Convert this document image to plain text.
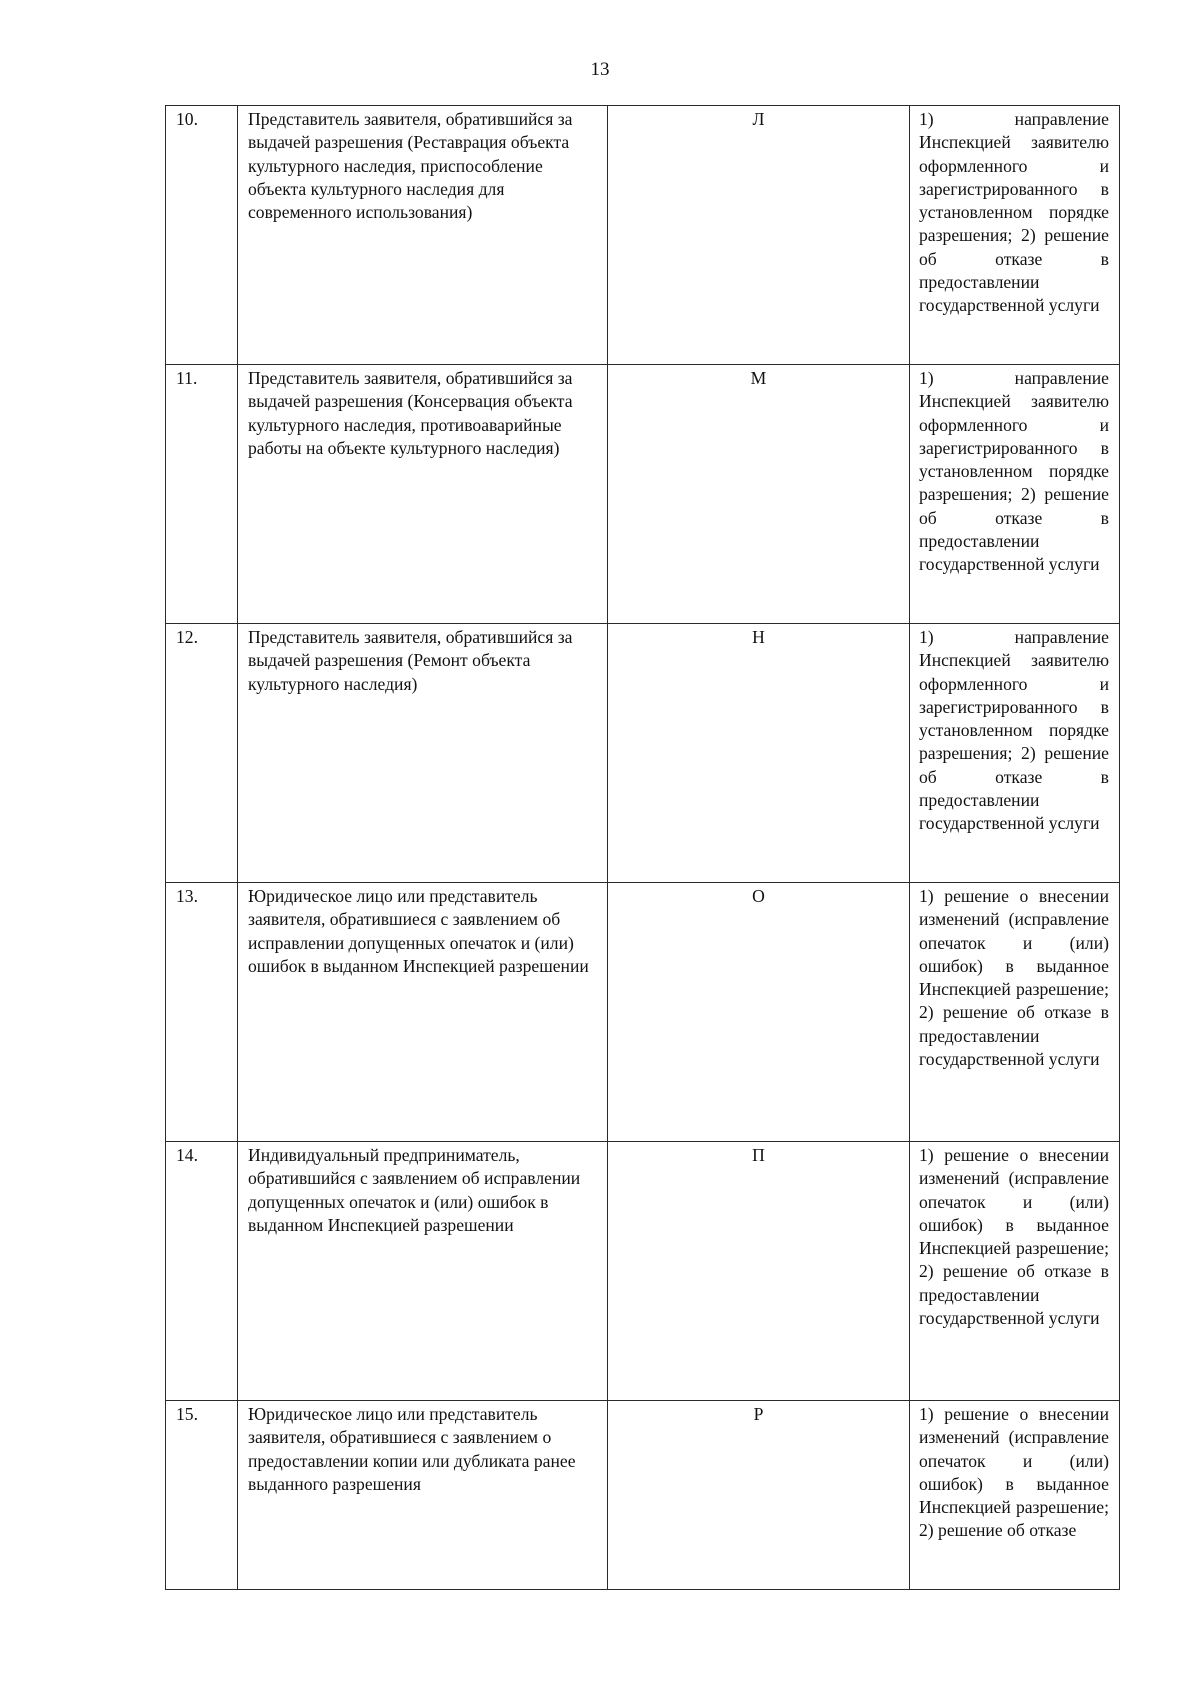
13
10.	Представитель заявителя, обратившийся за выдачей разрешения (Реставрация объекта культурного наследия, приспособление объекта культурного наследия для современного использования)	Л	1) направление Инспекцией заявителю оформленного и зарегистрированного в установленном порядке разрешения; 2) решение об отказе в предоставлении государственной услуги
11.	Представитель заявителя, обратившийся за выдачей разрешения (Консервация объекта культурного наследия, противоаварийные работы на объекте культурного наследия)	М	1) направление Инспекцией заявителю оформленного и зарегистрированного в установленном порядке разрешения; 2) решение об отказе в предоставлении государственной услуги
12.	Представитель заявителя, обратившийся за выдачей разрешения (Ремонт объекта культурного наследия)	Н	1) направление Инспекцией заявителю оформленного и зарегистрированного в установленном порядке разрешения; 2) решение об отказе в предоставлении государственной услуги
13.	Юридическое лицо или представитель заявителя, обратившиеся с заявлением об исправлении допущенных опечаток и (или) ошибок в выданном Инспекцией разрешении	О	1) решение о внесении изменений (исправление опечаток и (или) ошибок) в выданное Инспекцией разрешение; 2) решение об отказе в предоставлении государственной услуги
14.	Индивидуальный предприниматель, обратившийся с заявлением об исправлении допущенных опечаток и (или) ошибок в выданном Инспекцией разрешении	П	1) решение о внесении изменений (исправление опечаток и (или) ошибок) в выданное Инспекцией разрешение; 2) решение об отказе в предоставлении государственной услуги
15.	Юридическое лицо или представитель заявителя, обратившиеся с заявлением о предоставлении копии или дубликата ранее выданного разрешения	Р	1) решение о внесении изменений (исправление опечаток и (или) ошибок) в выданное Инспекцией разрешение; 2) решение об отказе
